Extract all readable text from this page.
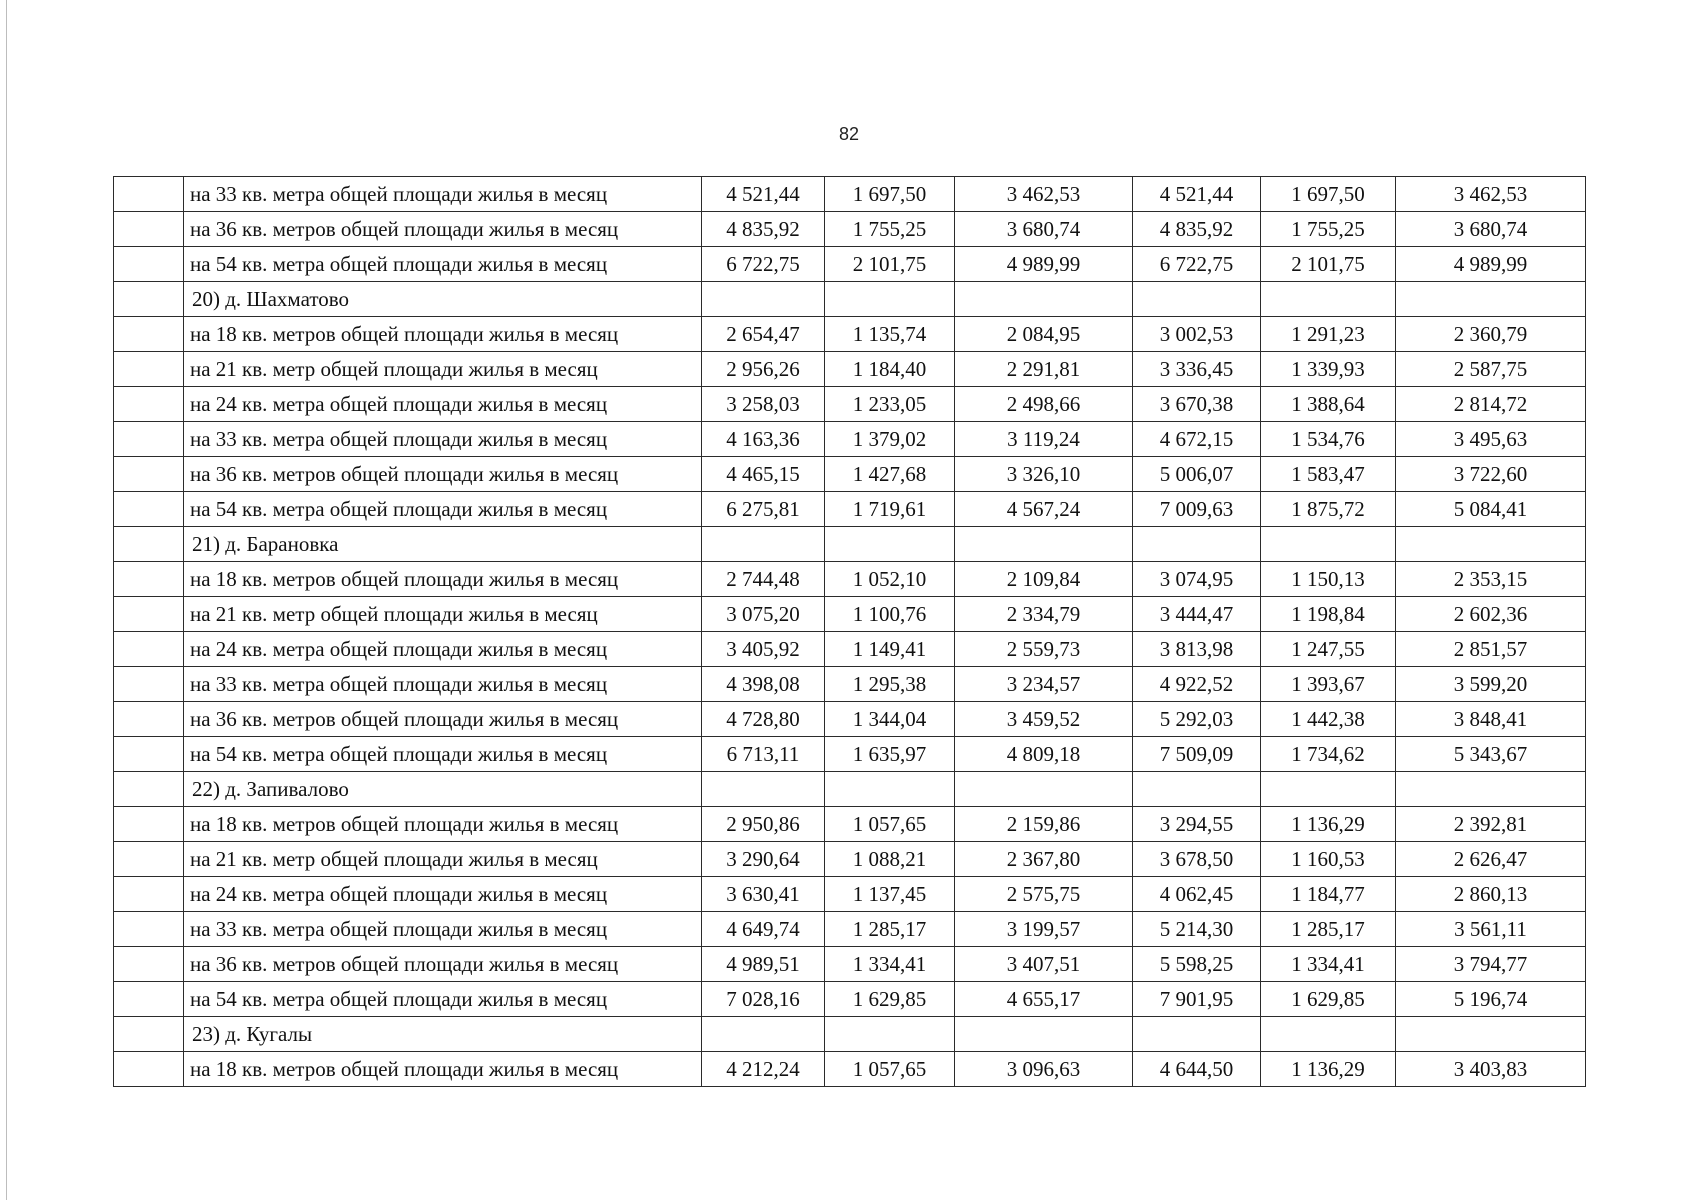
82
	на 33 кв. метра общей площади жилья в месяц	4 521,44	1 697,50	3 462,53	4 521,44	1 697,50	3 462,53
	на 36 кв. метров общей площади жилья в месяц	4 835,92	1 755,25	3 680,74	4 835,92	1 755,25	3 680,74
	на 54 кв. метра общей площади жилья в месяц	6 722,75	2 101,75	4 989,99	6 722,75	2 101,75	4 989,99
	20) д. Шахматово						
	на 18 кв. метров общей площади жилья в месяц	2 654,47	1 135,74	2 084,95	3 002,53	1 291,23	2 360,79
	на 21 кв. метр общей площади жилья в месяц	2 956,26	1 184,40	2 291,81	3 336,45	1 339,93	2 587,75
	на 24 кв. метра общей площади жилья в месяц	3 258,03	1 233,05	2 498,66	3 670,38	1 388,64	2 814,72
	на 33 кв. метра общей площади жилья в месяц	4 163,36	1 379,02	3 119,24	4 672,15	1 534,76	3 495,63
	на 36 кв. метров общей площади жилья в месяц	4 465,15	1 427,68	3 326,10	5 006,07	1 583,47	3 722,60
	на 54 кв. метра общей площади жилья в месяц	6 275,81	1 719,61	4 567,24	7 009,63	1 875,72	5 084,41
	21) д. Барановка						
	на 18 кв. метров общей площади жилья в месяц	2 744,48	1 052,10	2 109,84	3 074,95	1 150,13	2 353,15
	на 21 кв. метр общей площади жилья в месяц	3 075,20	1 100,76	2 334,79	3 444,47	1 198,84	2 602,36
	на 24 кв. метра общей площади жилья в месяц	3 405,92	1 149,41	2 559,73	3 813,98	1 247,55	2 851,57
	на 33 кв. метра общей площади жилья в месяц	4 398,08	1 295,38	3 234,57	4 922,52	1 393,67	3 599,20
	на 36 кв. метров общей площади жилья в месяц	4 728,80	1 344,04	3 459,52	5 292,03	1 442,38	3 848,41
	на 54 кв. метра общей площади жилья в месяц	6 713,11	1 635,97	4 809,18	7 509,09	1 734,62	5 343,67
	22) д. Запивалово						
	на 18 кв. метров общей площади жилья в месяц	2 950,86	1 057,65	2 159,86	3 294,55	1 136,29	2 392,81
	на 21 кв. метр общей площади жилья в месяц	3 290,64	1 088,21	2 367,80	3 678,50	1 160,53	2 626,47
	на 24 кв. метра общей площади жилья в месяц	3 630,41	1 137,45	2 575,75	4 062,45	1 184,77	2 860,13
	на 33 кв. метра общей площади жилья в месяц	4 649,74	1 285,17	3 199,57	5 214,30	1 285,17	3 561,11
	на 36 кв. метров общей площади жилья в месяц	4 989,51	1 334,41	3 407,51	5 598,25	1 334,41	3 794,77
	на 54 кв. метра общей площади жилья в месяц	7 028,16	1 629,85	4 655,17	7 901,95	1 629,85	5 196,74
	23) д. Кугалы						
	на 18 кв. метров общей площади жилья в месяц	4 212,24	1 057,65	3 096,63	4 644,50	1 136,29	3 403,83
